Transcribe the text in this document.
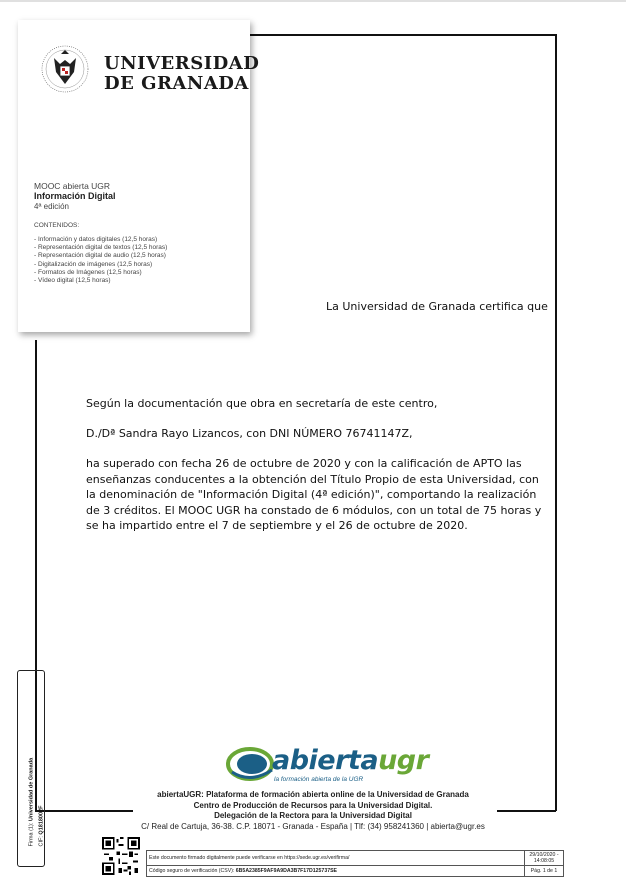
UNIVERSIDAD
DE GRANADA
MOOC abierta UGR
Información Digital
4ª edición
CONTENIDOS:
- Información y datos digitales (12,5 horas)
- Representación digital de textos (12,5 horas)
- Representación digital de audio (12,5 horas)
- Digitalización de imágenes (12,5 horas)
- Formatos de Imágenes (12,5 horas)
- Vídeo digital (12,5 horas)
La Universidad de Granada certifica que
Según la documentación que obra en secretaría de este centro,
D./Dª Sandra Rayo Lizancos, con DNI NÚMERO 76741147Z,
ha superado con fecha 26 de octubre de 2020 y con la calificación de APTO las enseñanzas conducentes a la obtención del Título Propio de esta Universidad, con la denominación de "Información Digital (4ª edición)", comportando la realización de 3 créditos. El MOOC UGR ha constado de 6 módulos, con un total de 75 horas y se ha impartido entre el 7 de septiembre y el 26 de octubre de 2020.
Firma (1): Universidad de Granada
CIF: Q1818002F
abiertaugr
la formación abierta de la UGR
abiertaUGR: Plataforma de formación abierta online de la Universidad de Granada
Centro de Producción de Recursos para la Universidad Digital.
Delegación de la Rectora para la Universidad Digital
C/ Real de Cartuja, 36-38. C.P. 18071 - Granada - España | Tlf: (34) 958241360 | abierta@ugr.es
Este documento firmado digitalmente puede verificarse en https://sede.ugr.es/verifirma/	29/10/2020 - 14:08:05
Código seguro de verificación (CSV): 6B5A2385F9AF9A9DA3B7F17D125737SE	Pág. 1 de 1
